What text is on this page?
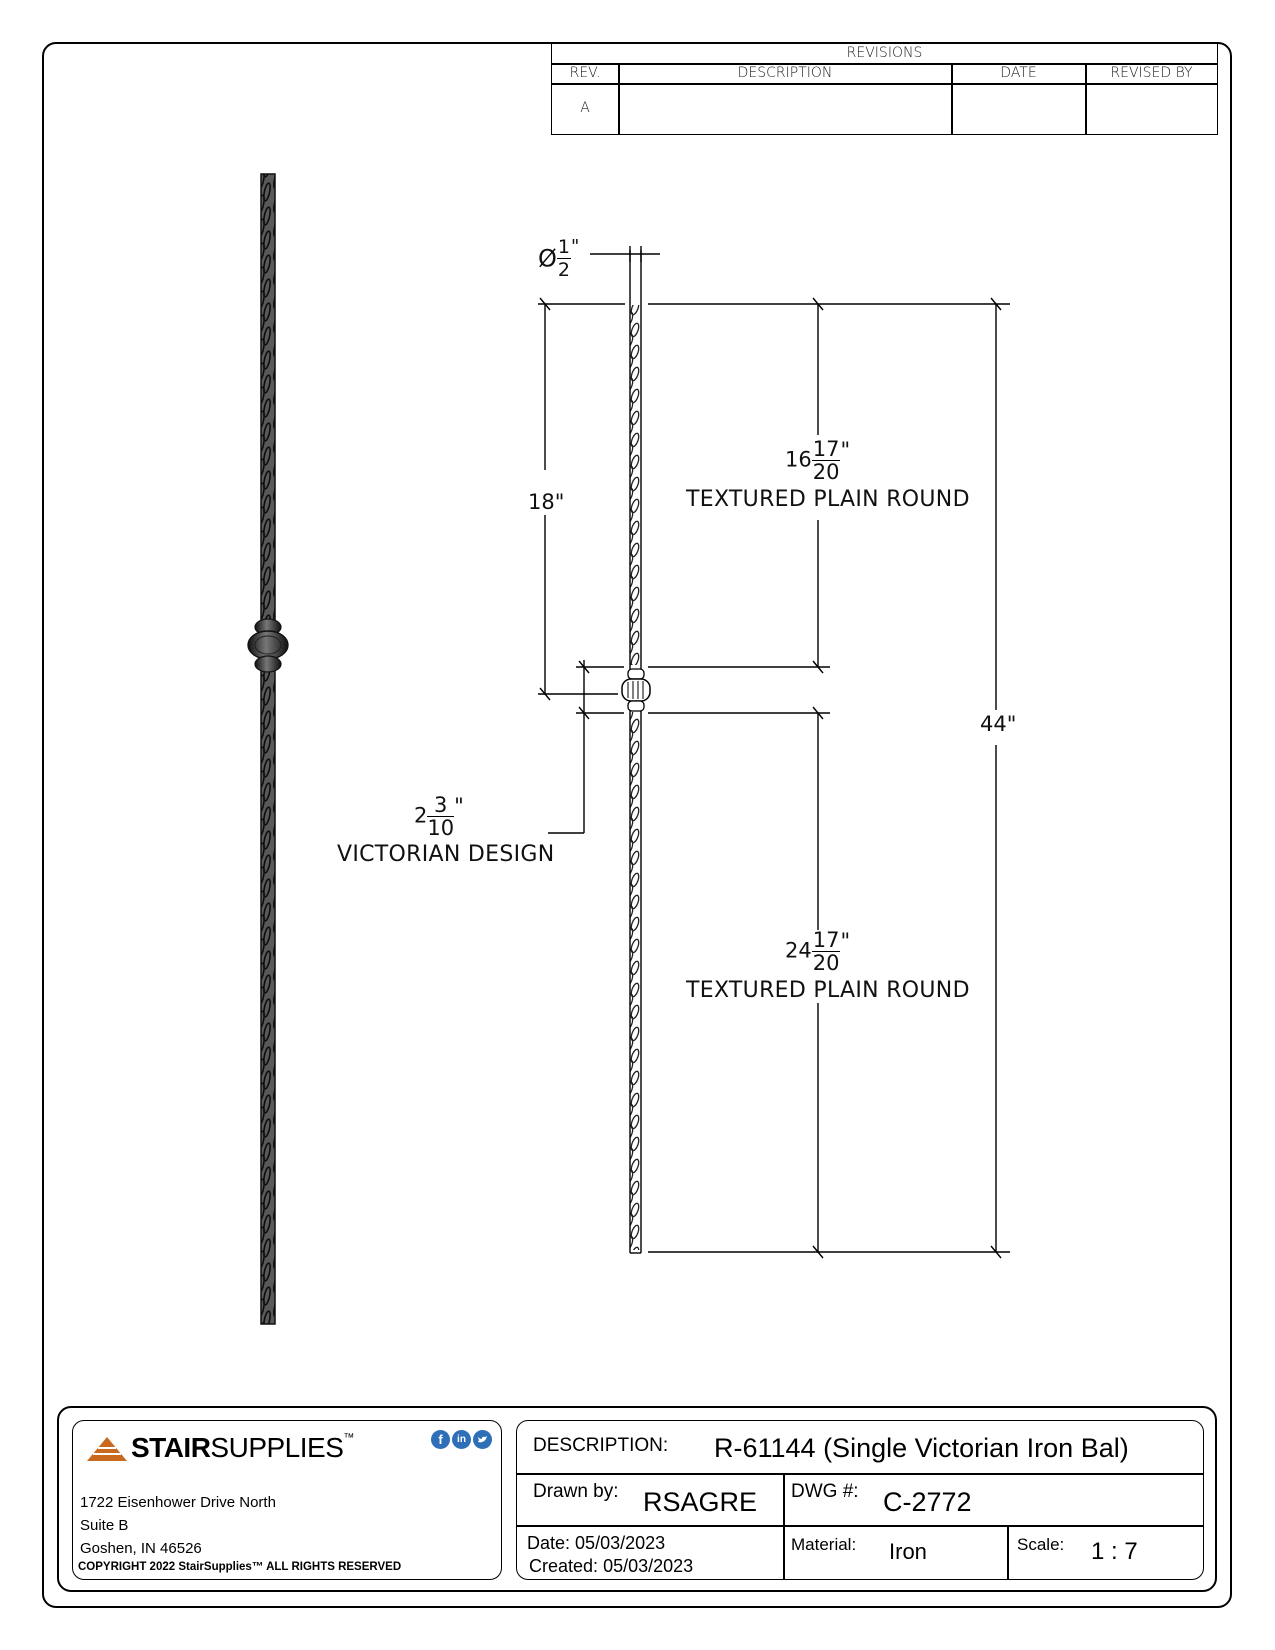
REVISIONS
REV.	DESCRIPTION	DATE	REVISED BY
A
Ø $\frac{1}{2}$ "
18"
$16 \frac{17}{20}$ "
TEXTURED PLAIN ROUND
44"
$2 \frac{3}{10}$ "
VICTORIAN DESIGN
$24 \frac{17}{20}$ "
TEXTURED PLAIN ROUND
STAIRSUPPLIES™	f	in
1722 Eisenhower Drive North
Suite B
Goshen, IN 46526
COPYRIGHT 2022 StairSupplies™ ALL RIGHTS RESERVED
DESCRIPTION: R-61144 (Single Victorian Iron Bal)
Drawn by: RSAGRE DWG #: C-2772
Date: 05/03/2023
Created: 05/03/2023
Material: Iron	Scale: 1 : 7
